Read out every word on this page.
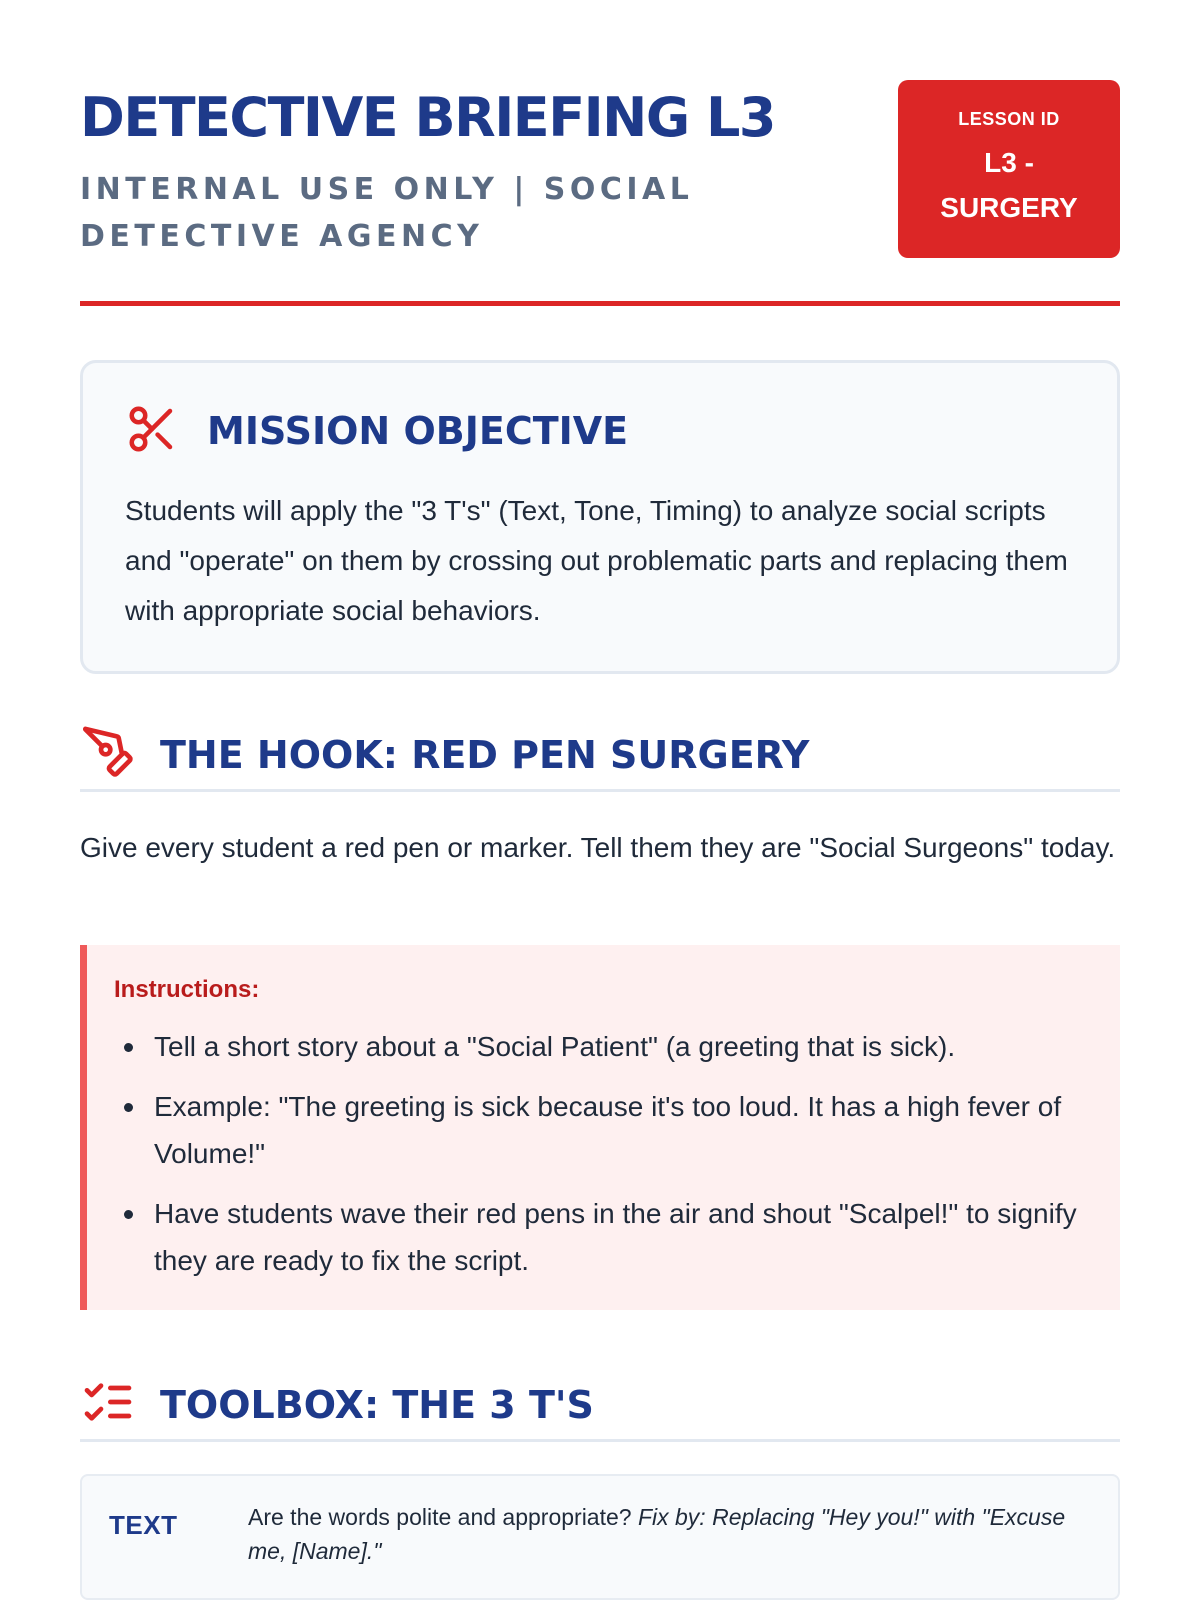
DETECTIVE BRIEFING L3
INTERNAL USE ONLY | SOCIAL DETECTIVE AGENCY
LESSON ID
L3 - SURGERY
MISSION OBJECTIVE
Students will apply the "3 T's" (Text, Tone, Timing) to analyze social scripts and "operate" on them by crossing out problematic parts and replacing them with appropriate social behaviors.
THE HOOK: RED PEN SURGERY
Give every student a red pen or marker. Tell them they are "Social Surgeons" today.
Instructions:
Tell a short story about a "Social Patient" (a greeting that is sick).
Example: "The greeting is sick because it's too loud. It has a high fever of Volume!"
Have students wave their red pens in the air and shout "Scalpel!" to signify they are ready to fix the script.
TOOLBOX: THE 3 T'S
TEXT	Are the words polite and appropriate? Fix by: Replacing "Hey you!" with "Excuse me, [Name]."
